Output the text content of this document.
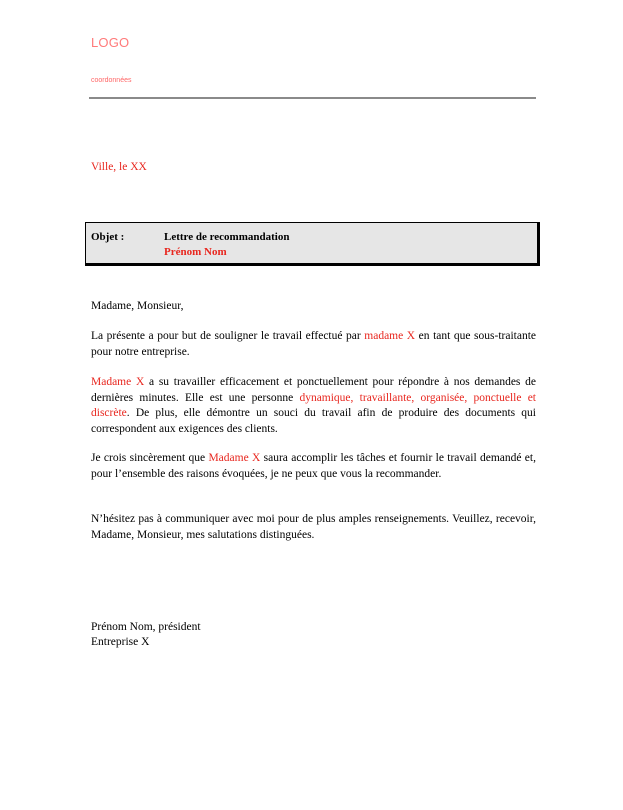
LOGO
coordonnées
Ville, le XX
Objet :	Lettre de recommandation
Prénom Nom
Madame, Monsieur,
La présente a pour but de souligner le travail effectué par madame X en tant que sous-traitante pour notre entreprise.
Madame X a su travailler efficacement et ponctuellement pour répondre à nos demandes de dernières minutes. Elle est une personne dynamique, travaillante, organisée, ponctuelle et discrète. De plus, elle démontre un souci du travail afin de produire des documents qui correspondent aux exigences des clients.
Je crois sincèrement que Madame X saura accomplir les tâches et fournir le travail demandé et, pour l’ensemble des raisons évoquées, je ne peux que vous la recommander.
N’hésitez pas à communiquer avec moi pour de plus amples renseignements. Veuillez, recevoir, Madame, Monsieur, mes salutations distinguées.
Prénom Nom, président
Entreprise X
